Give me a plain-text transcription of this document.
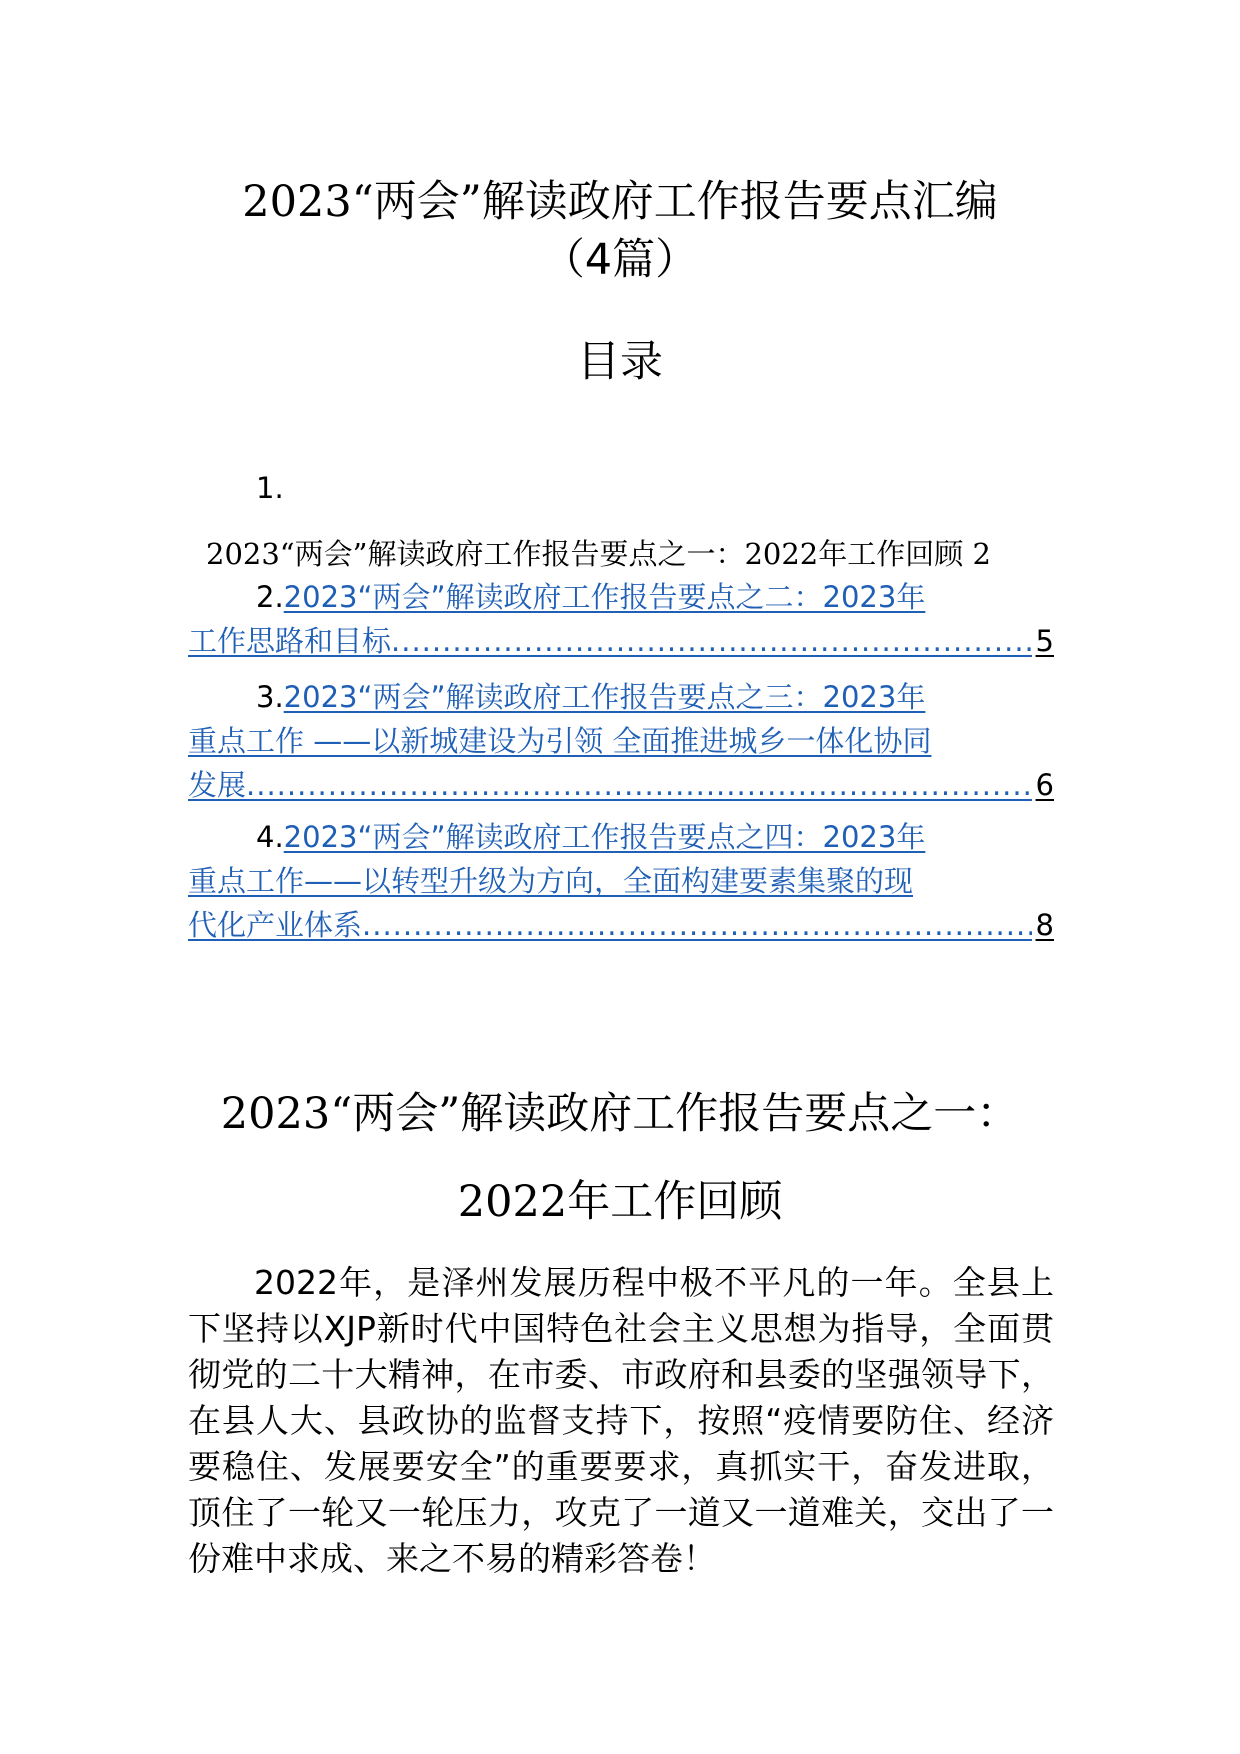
2023“两会”解读政府工作报告要点汇编
（4篇）
目录
1.
2023“两会”解读政府工作报告要点之一：2022年工作回顾 2
2.2023“两会”解读政府工作报告要点之二：2023年
工作思路和目标 .....	5
3.2023“两会”解读政府工作报告要点之三：2023年
重点工作 ——以新城建设为引领 全面推进城乡一体化协同
发展 .....	6
4.2023“两会”解读政府工作报告要点之四：2023年
重点工作——以转型升级为方向，全面构建要素集聚的现
代化产业体系 .....	8
2023“两会”解读政府工作报告要点之一：
2022年工作回顾
2022年，是泽州发展历程中极不平凡的一年。全县上下坚持以XJP新时代中国特色社会主义思想为指导，全面贯彻党的二十大精神，在市委、市政府和县委的坚强领导下，在县人大、县政协的监督支持下，按照“疫情要防住、经济要稳住、发展要安全”的重要要求，真抓实干，奋发进取，顶住了一轮又一轮压力，攻克了一道又一道难关，交出了一份难中求成、来之不易的精彩答卷！
